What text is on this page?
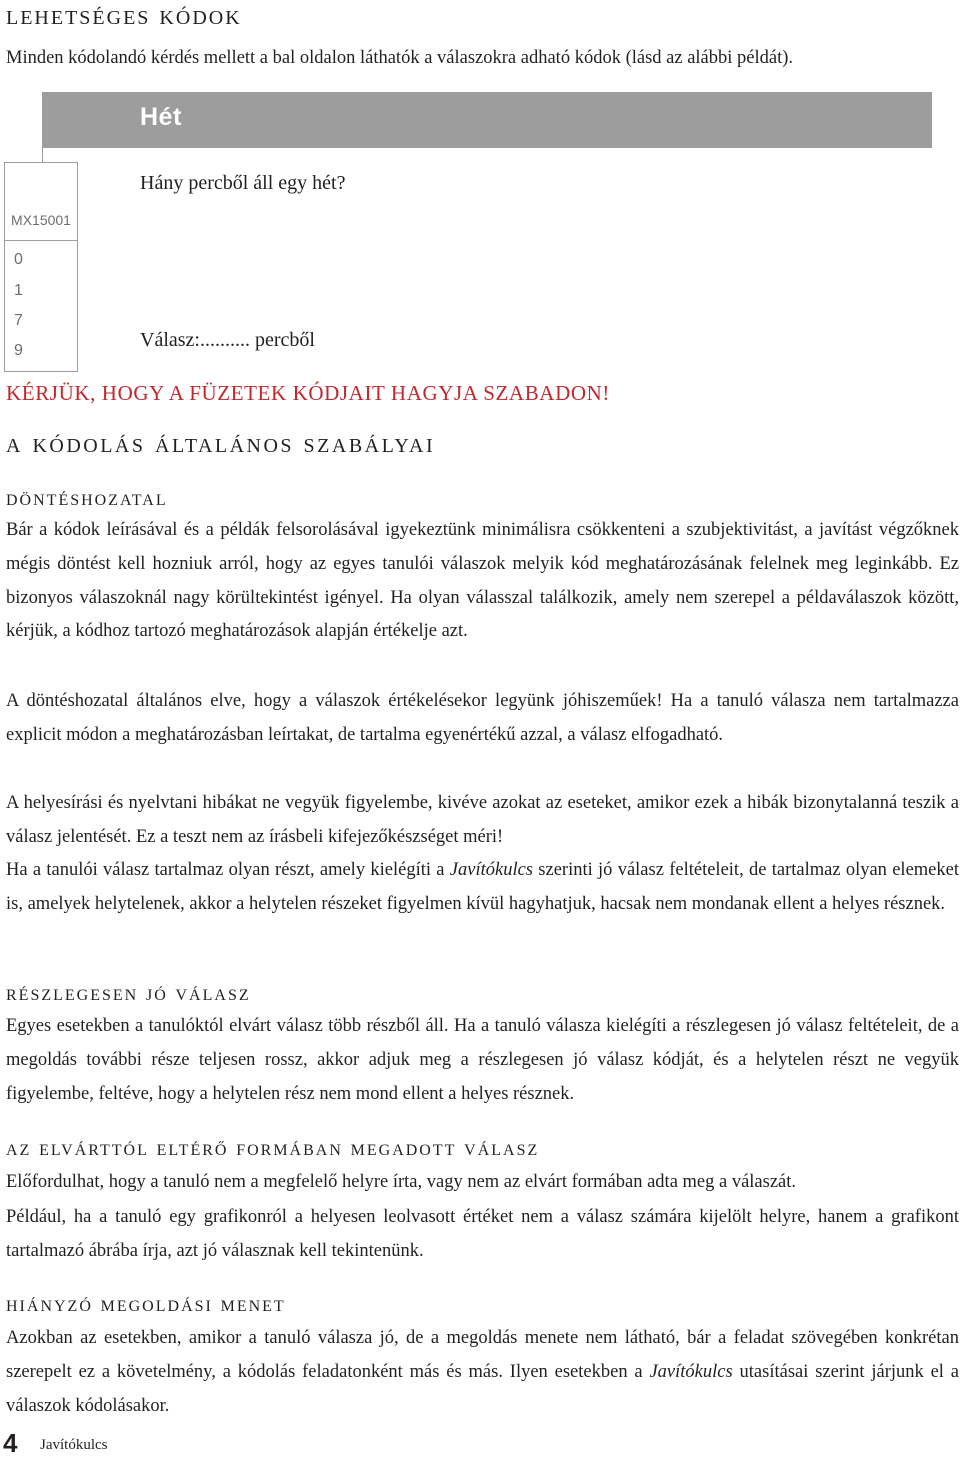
lehetséges kódok
Minden kódolandó kérdés mellett a bal oldalon láthatók a válaszokra adható kódok (lásd az alábbi példát).
Hét
MX15001
0
1
7
9
Hány percből áll egy hét?
Válasz:.......... percből
KÉRJÜK, HOGY A FÜZETEK KÓDJAIT HAGYJA SZABADON!
a kódolás általános szabályai
döntéshozatal
Bár a kódok leírásával és a példák felsorolásával igyekeztünk minimálisra csökkenteni a szubjektivitást, a javítást végzőknek mégis döntést kell hozniuk arról, hogy az egyes tanulói válaszok melyik kód meghatározásának felelnek meg leginkább. Ez bizonyos válaszoknál nagy körültekintést igényel. Ha olyan válasszal találkozik, amely nem szerepel a példaválaszok között, kérjük, a kódhoz tartozó meghatározások alapján értékelje azt.
A döntéshozatal általános elve, hogy a válaszok értékelésekor legyünk jóhiszeműek! Ha a tanuló válasza nem tartalmazza explicit módon a meghatározásban leírtakat, de tartalma egyenértékű azzal, a válasz elfogadható.
A helyesírási és nyelvtani hibákat ne vegyük figyelembe, kivéve azokat az eseteket, amikor ezek a hibák bizonytalanná teszik a válasz jelentését. Ez a teszt nem az írásbeli kifejezőkészséget méri!
Ha a tanulói válasz tartalmaz olyan részt, amely kielégíti a Javítókulcs szerinti jó válasz feltételeit, de tartalmaz olyan elemeket is, amelyek helytelenek, akkor a helytelen részeket figyelmen kívül hagyhatjuk, hacsak nem mondanak ellent a helyes résznek.
részlegesen jó válasz
Egyes esetekben a tanulóktól elvárt válasz több részből áll. Ha a tanuló válasza kielégíti a részlegesen jó válasz feltételeit, de a megoldás további része teljesen rossz, akkor adjuk meg a részlegesen jó válasz kódját, és a helytelen részt ne vegyük figyelembe, feltéve, hogy a helytelen rész nem mond ellent a helyes résznek.
az elvárttól eltérő formában megadott válasz
Előfordulhat, hogy a tanuló nem a megfelelő helyre írta, vagy nem az elvárt formában adta meg a válaszát.
Például, ha a tanuló egy grafikonról a helyesen leolvasott értéket nem a válasz számára kijelölt helyre, hanem a grafikont tartalmazó ábrába írja, azt jó válasznak kell tekintenünk.
hiányzó megoldási menet
Azokban az esetekben, amikor a tanuló válasza jó, de a megoldás menete nem látható, bár a feladat szövegében konkrétan szerepelt ez a követelmény, a kódolás feladatonként más és más. Ilyen esetekben a Javítókulcs utasításai szerint járjunk el a válaszok kódolásakor.
4 Javítókulcs
